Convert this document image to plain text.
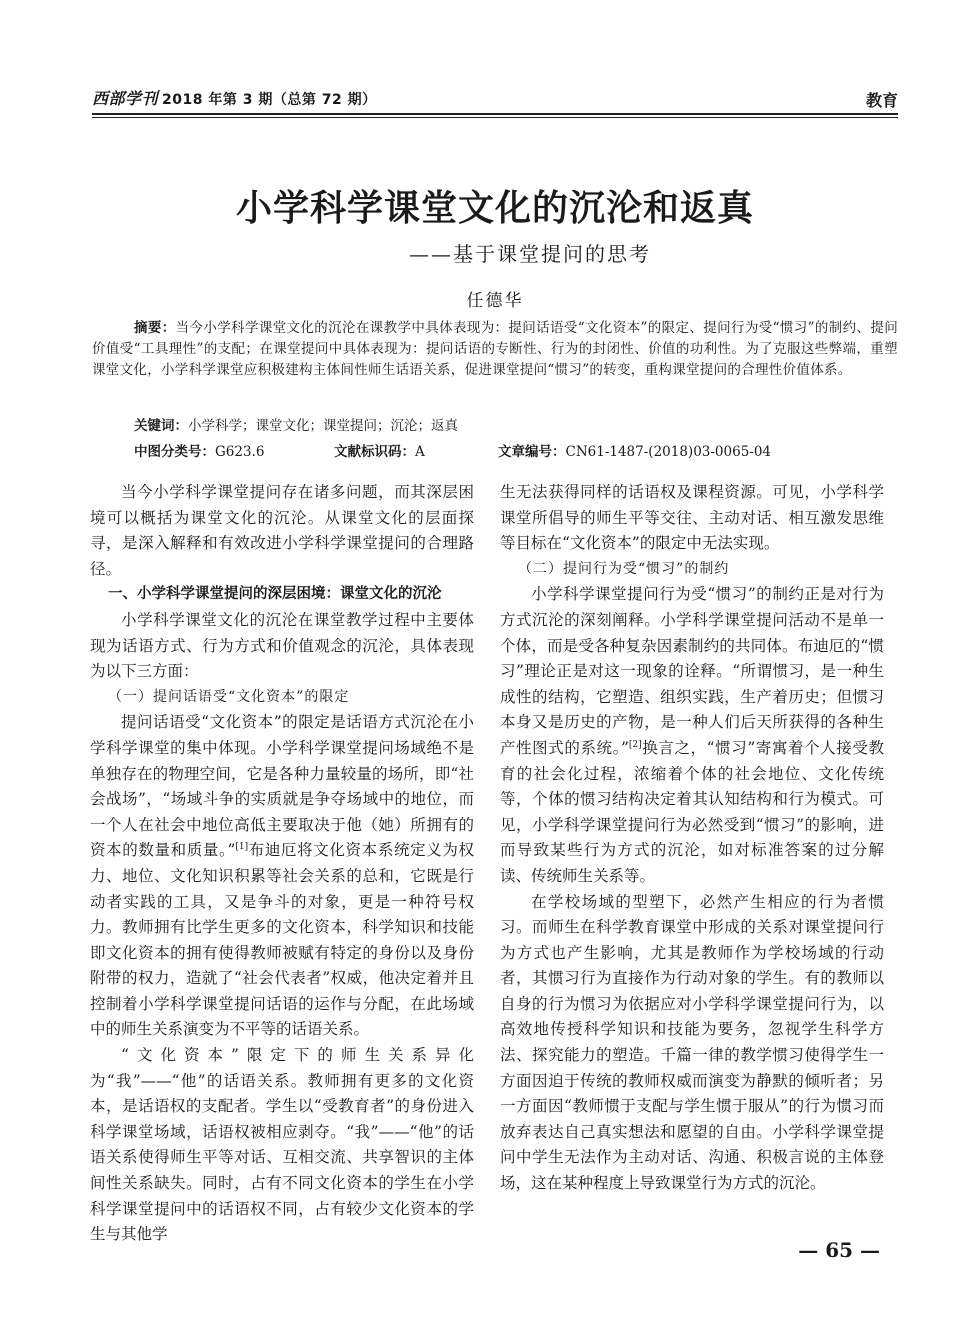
西部学刊 2018 年第 3 期（总第 72 期）	教育
小学科学课堂文化的沉沦和返真
——基于课堂提问的思考
任德华
摘要：当今小学科学课堂文化的沉沦在课教学中具体表现为：提问话语受“文化资本”的限定、提问行为受“惯习”的制约、提问价值受“工具理性”的支配；在课堂提问中具体表现为：提问话语的专断性、行为的封闭性、价值的功利性。为了克服这些弊端，重塑课堂文化，小学科学课堂应积极建构主体间性师生话语关系，促进课堂提问“惯习”的转变，重构课堂提问的合理性价值体系。
关键词：小学科学；课堂文化；课堂提问；沉沦；返真
中图分类号：G623.6	文献标识码：A	文章编号：CN61-1487-(2018)03-0065-04

当今小学科学课堂提问存在诸多问题，而其深层困境可以概括为课堂文化的沉沦。从课堂文化的层面探寻，是深入解释和有效改进小学科学课堂提问的合理路径。

一、小学科学课堂提问的深层困境：课堂文化的沉沦

小学科学课堂文化的沉沦在课堂教学过程中主要体现为话语方式、行为方式和价值观念的沉沦，具体表现为以下三方面：

（一）提问话语受“文化资本”的限定

提问话语受“文化资本”的限定是话语方式沉沦在小学科学课堂的集中体现。小学科学课堂提问场域绝不是单独存在的物理空间，它是各种力量较量的场所，即“社会战场”，“场域斗争的实质就是争夺场域中的地位，而一个人在社会中地位高低主要取决于他（她）所拥有的资本的数量和质量。”[1]布迪厄将文化资本系统定义为权力、地位、文化知识积累等社会关系的总和，它既是行动者实践的工具，又是争斗的对象，更是一种符号权力。教师拥有比学生更多的文化资本，科学知识和技能即文化资本的拥有使得教师被赋有特定的身份以及身份附带的权力，造就了“社会代表者”权威，他决定着并且控制着小学科学课堂提问话语的运作与分配，在此场域中的师生关系演变为不平等的话语关系。

“文化资本”限定下的师生关系异化为“我”——“他”的话语关系。教师拥有更多的文化资本，是话语权的支配者。学生以“受教育者”的身份进入科学课堂场域，话语权被相应剥夺。“我”——“他”的话语关系使得师生平等对话、互相交流、共享智识的主体间性关系缺失。同时，占有不同文化资本的学生在小学科学课堂提问中的话语权不同，占有较少文化资本的学生与其他学

生无法获得同样的话语权及课程资源。可见，小学科学课堂所倡导的师生平等交往、主动对话、相互激发思维等目标在“文化资本”的限定中无法实现。

（二）提问行为受“惯习”的制约

小学科学课堂提问行为受“惯习”的制约正是对行为方式沉沦的深刻阐释。小学科学课堂提问活动不是单一个体，而是受各种复杂因素制约的共同体。布迪厄的“惯习”理论正是对这一现象的诠释。“所谓惯习，是一种生成性的结构，它塑造、组织实践，生产着历史；但惯习本身又是历史的产物，是一种人们后天所获得的各种生产性图式的系统。”[2]换言之，“惯习”寄寓着个人接受教育的社会化过程，浓缩着个体的社会地位、文化传统等，个体的惯习结构决定着其认知结构和行为模式。可见，小学科学课堂提问行为必然受到“惯习”的影响，进而导致某些行为方式的沉沦，如对标准答案的过分解读、传统师生关系等。

在学校场域的型塑下，必然产生相应的行为者惯习。而师生在科学教育课堂中形成的关系对课堂提问行为方式也产生影响，尤其是教师作为学校场域的行动者，其惯习行为直接作为行动对象的学生。有的教师以自身的行为惯习为依据应对小学科学课堂提问行为，以高效地传授科学知识和技能为要务，忽视学生科学方法、探究能力的塑造。千篇一律的教学惯习使得学生一方面因迫于传统的教师权威而演变为静默的倾听者；另一方面因“教师惯于支配与学生惯于服从”的行为惯习而放弃表达自己真实想法和愿望的自由。小学科学课堂提问中学生无法作为主动对话、沟通、积极言说的主体登场，这在某种程度上导致课堂行为方式的沉沦。

— 65 —
